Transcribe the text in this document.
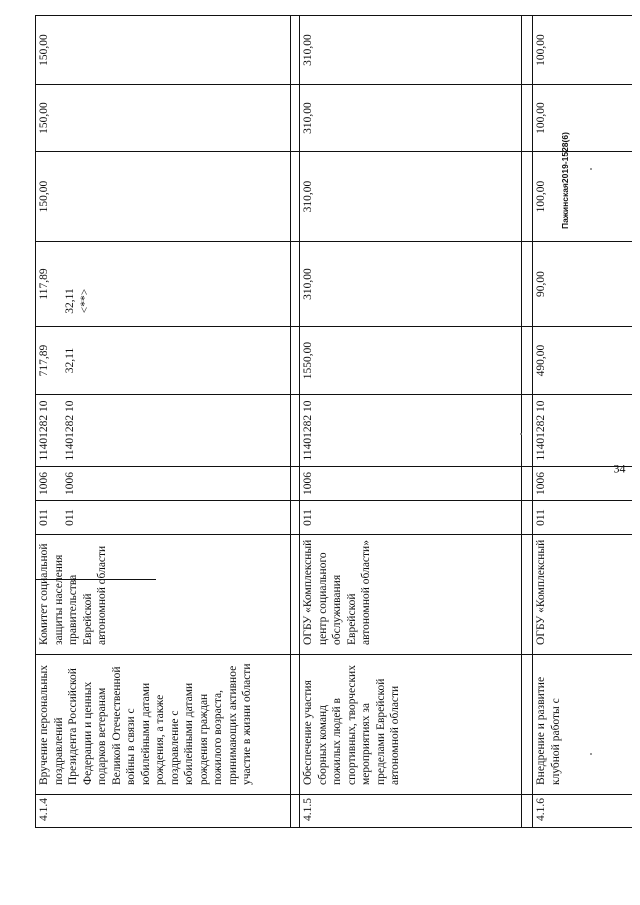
34
Пажинская2019-1528(6)
4.1.4
Вручение персональных поздравлений Президента Российской Федерации и ценных подарков ветеранам Великой Отечественной войны в связи с юбилейными датами рождения, а также поздравление с юбилейными датами рождения граждан пожилого возраста, принимающих активное участие в жизни области
Комитет социальной защиты населения правительства Еврейской автономной области
011
1006
11401282 10
717,89
117,89
150,00
150,00
150,00
011
1006
11401282 10
32,11
32,11 <**>
4.1.5
Обеспечение участия сборных команд пожилых людей в спортивных, творческих мероприятиях за пределами Еврейской автономной области
ОГБУ «Комплексный центр социального обслуживания Еврейской автономной области»
011
1006
11401282 10
1550,00
310,00
310,00
310,00
310,00
4.1.6
Внедрение и развитие клубной работы с
ОГБУ «Комплексный
011
1006
11401282 10
490,00
90,00
100,00
100,00
100,00
